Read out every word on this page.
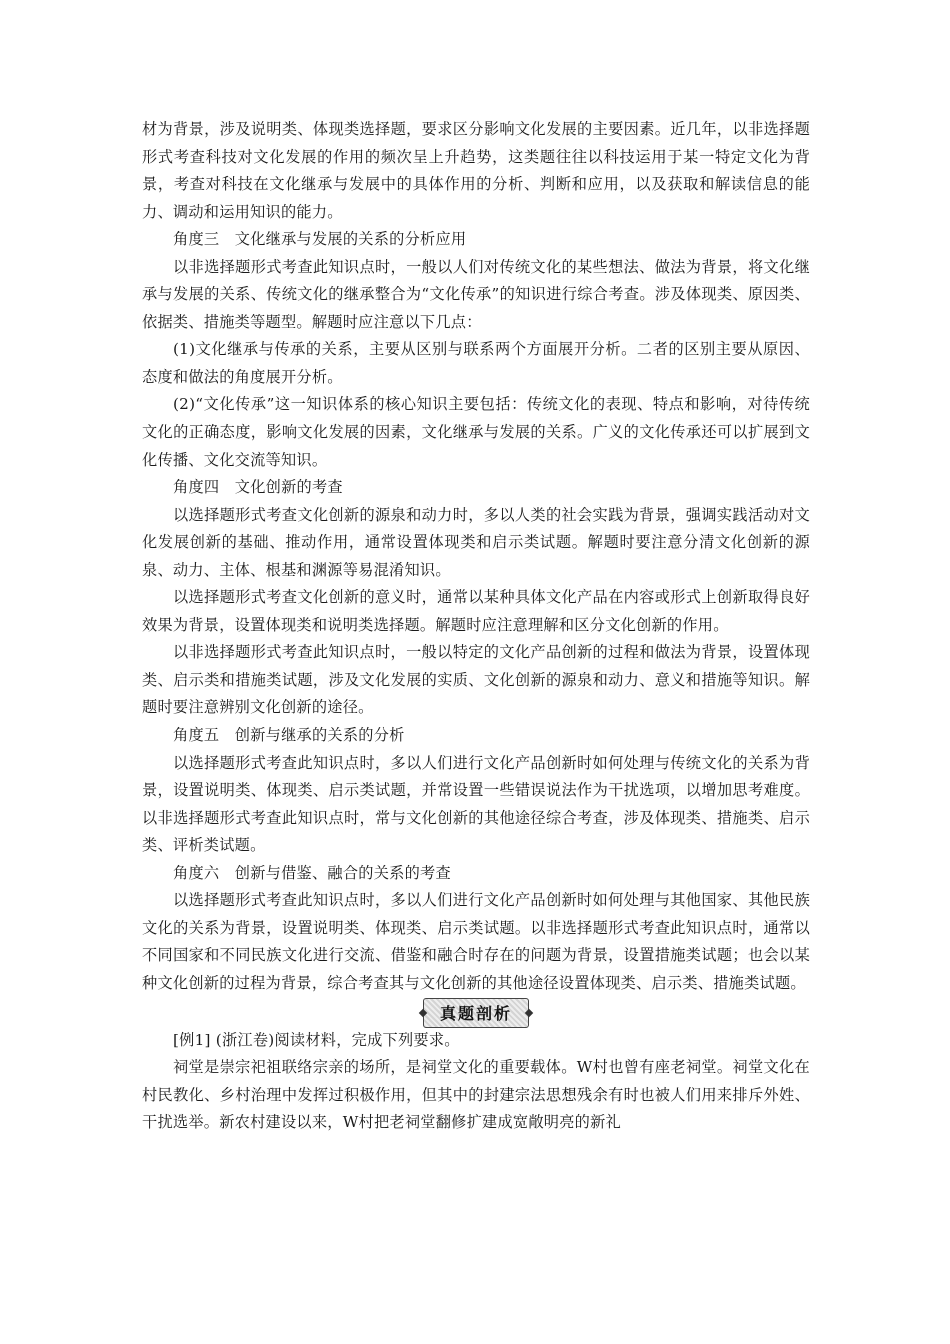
材为背景，涉及说明类、体现类选择题，要求区分影响文化发展的主要因素。近几年，以非选择题形式考查科技对文化发展的作用的频次呈上升趋势，这类题往往以科技运用于某一特定文化为背景，考查对科技在文化继承与发展中的具体作用的分析、判断和应用，以及获取和解读信息的能力、调动和运用知识的能力。

角度三　文化继承与发展的关系的分析应用

以非选择题形式考查此知识点时，一般以人们对传统文化的某些想法、做法为背景，将文化继承与发展的关系、传统文化的继承整合为“文化传承”的知识进行综合考查。涉及体现类、原因类、依据类、措施类等题型。解题时应注意以下几点：

(1)文化继承与传承的关系，主要从区别与联系两个方面展开分析。二者的区别主要从原因、态度和做法的角度展开分析。

(2)“文化传承”这一知识体系的核心知识主要包括：传统文化的表现、特点和影响，对待传统文化的正确态度，影响文化发展的因素，文化继承与发展的关系。广义的文化传承还可以扩展到文化传播、文化交流等知识。

角度四　文化创新的考查

以选择题形式考查文化创新的源泉和动力时，多以人类的社会实践为背景，强调实践活动对文化发展创新的基础、推动作用，通常设置体现类和启示类试题。解题时要注意分清文化创新的源泉、动力、主体、根基和渊源等易混淆知识。

以选择题形式考查文化创新的意义时，通常以某种具体文化产品在内容或形式上创新取得良好效果为背景，设置体现类和说明类选择题。解题时应注意理解和区分文化创新的作用。

以非选择题形式考查此知识点时，一般以特定的文化产品创新的过程和做法为背景，设置体现类、启示类和措施类试题，涉及文化发展的实质、文化创新的源泉和动力、意义和措施等知识。解题时要注意辨别文化创新的途径。

角度五　创新与继承的关系的分析

以选择题形式考查此知识点时，多以人们进行文化产品创新时如何处理与传统文化的关系为背景，设置说明类、体现类、启示类试题，并常设置一些错误说法作为干扰选项，以增加思考难度。以非选择题形式考查此知识点时，常与文化创新的其他途径综合考查，涉及体现类、措施类、启示类、评析类试题。

角度六　创新与借鉴、融合的关系的考查

以选择题形式考查此知识点时，多以人们进行文化产品创新时如何处理与其他国家、其他民族文化的关系为背景，设置说明类、体现类、启示类试题。以非选择题形式考查此知识点时，通常以不同国家和不同民族文化进行交流、借鉴和融合时存在的问题为背景，设置措施类试题；也会以某种文化创新的过程为背景，综合考查其与文化创新的其他途径设置体现类、启示类、措施类试题。

真题剖析

[例1] (浙江卷)阅读材料，完成下列要求。

祠堂是崇宗祀祖联络宗亲的场所，是祠堂文化的重要载体。W村也曾有座老祠堂。祠堂文化在村民教化、乡村治理中发挥过积极作用，但其中的封建宗法思想残余有时也被人们用来排斥外姓、干扰选举。新农村建设以来，W村把老祠堂翻修扩建成宽敞明亮的新礼
